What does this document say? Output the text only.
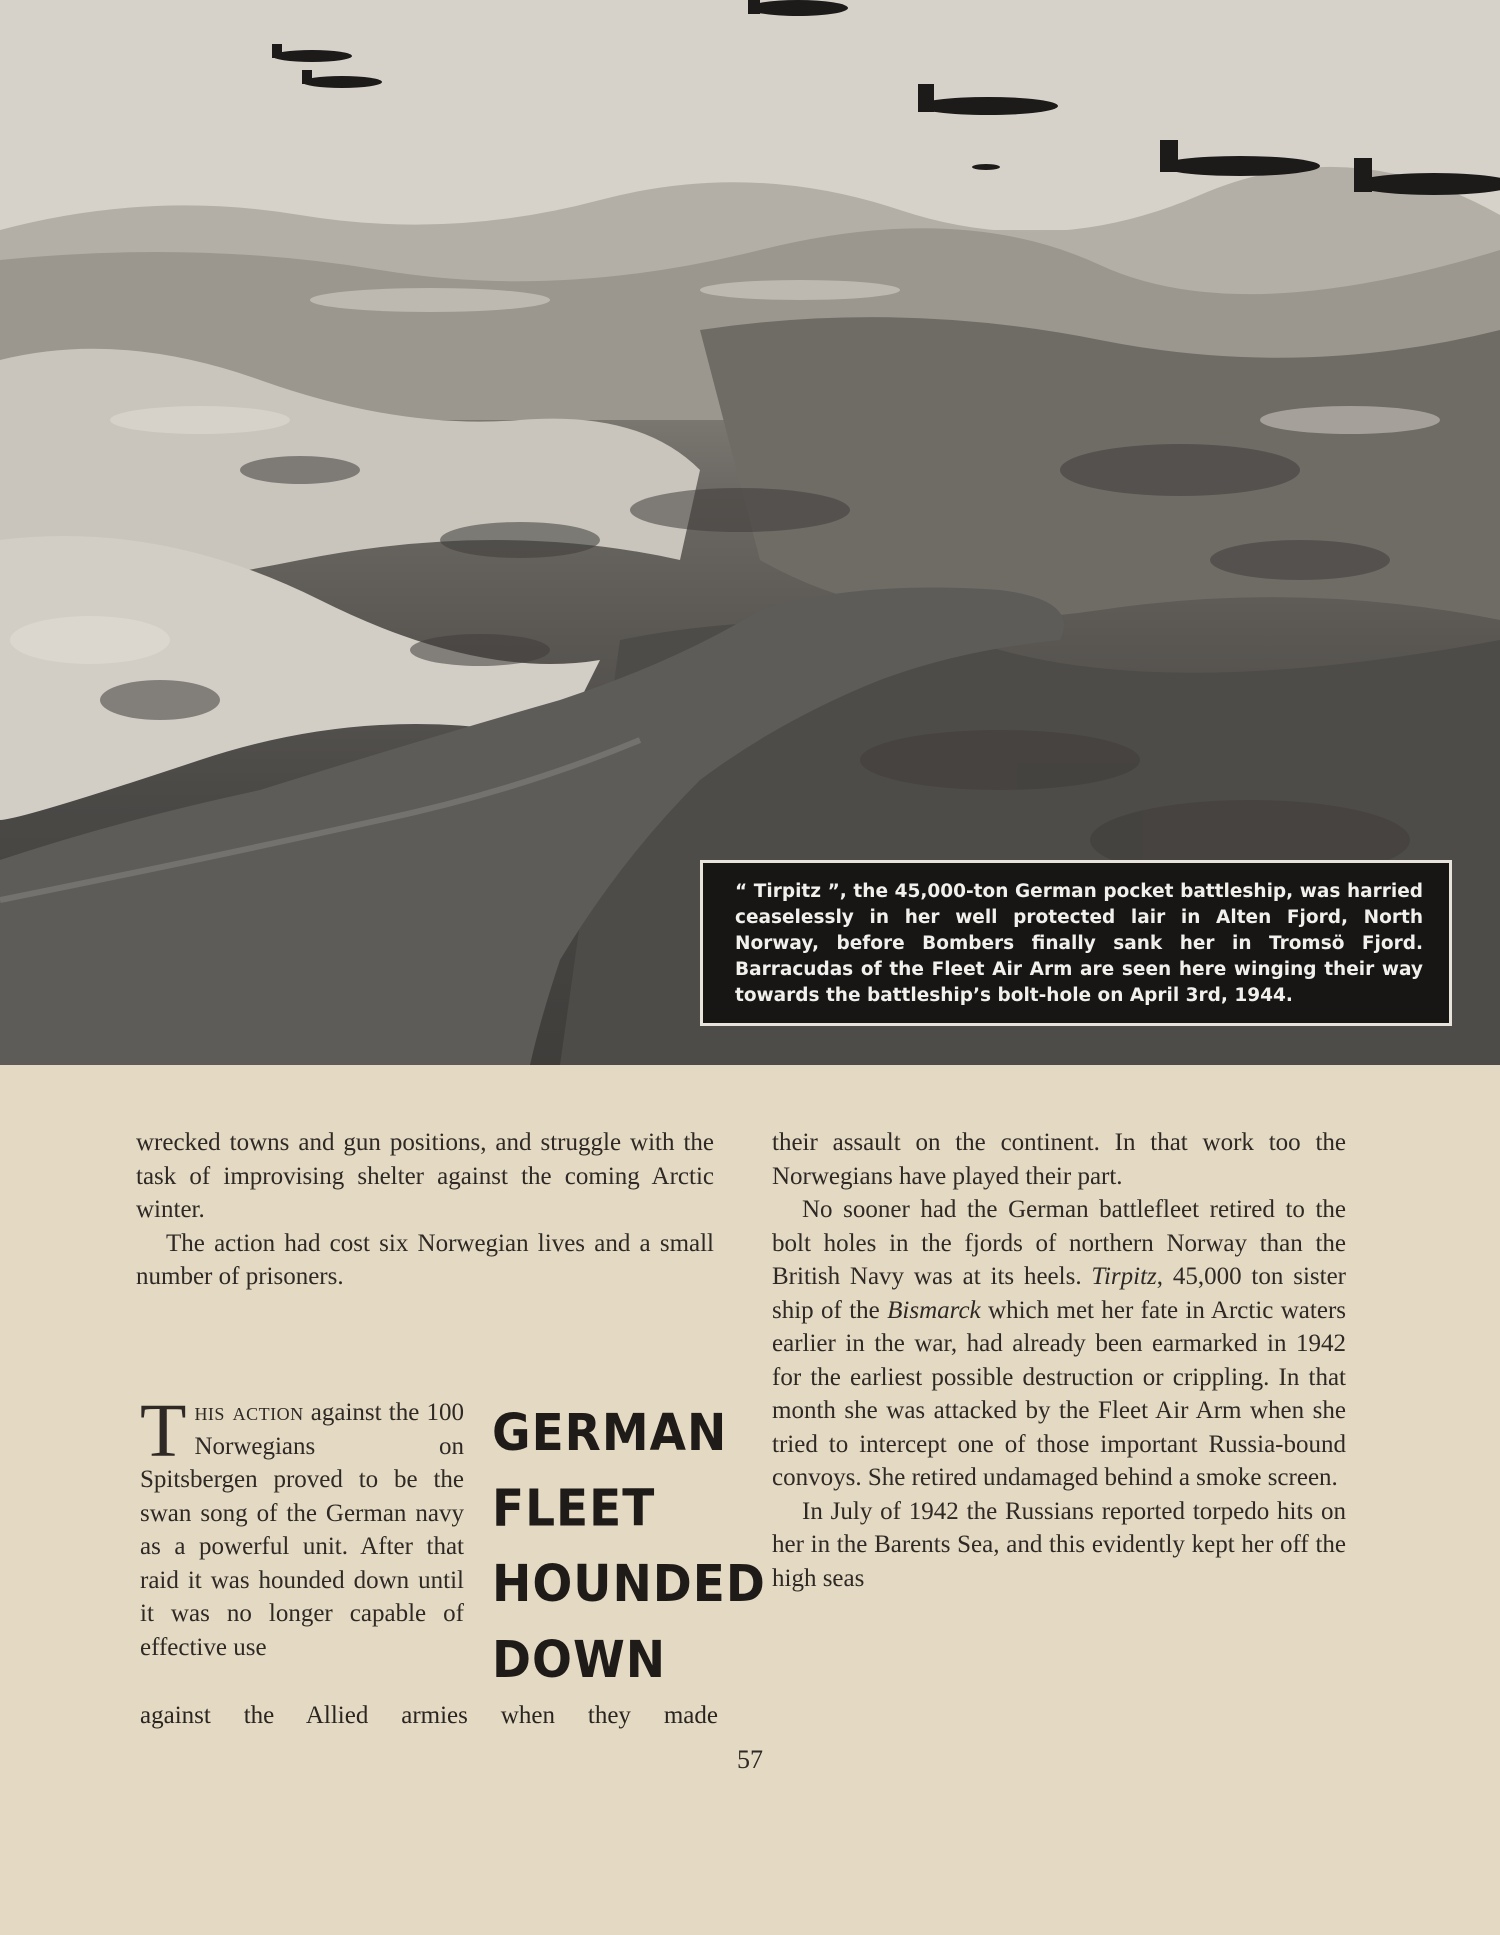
“ Tirpitz ”, the 45,000-ton German pocket battleship, was harried ceaselessly in her well protected lair in Alten Fjord, North Norway, before Bombers finally sank her in Tromsö Fjord. Barracudas of the Fleet Air Arm are seen here winging their way towards the battleship’s bolt-hole on April 3rd, 1944.

wrecked towns and gun positions, and struggle with the task of improvising shelter against the coming Arctic winter.

The action had cost six Norwegian lives and a small number of prisoners.

This action against the 100 Norwegians on Spitsbergen proved to be the swan song of the German navy as a powerful unit. After that raid it was hounded down until it was no longer capable of effective use

against the Allied armies when they made
GERMAN
FLEET
HOUNDED
DOWN

their assault on the continent. In that work too the Norwegians have played their part.

No sooner had the German battlefleet retired to the bolt holes in the fjords of northern Norway than the British Navy was at its heels. Tirpitz, 45,000 ton sister ship of the Bismarck which met her fate in Arctic waters earlier in the war, had already been earmarked in 1942 for the earliest possible destruction or crippling. In that month she was attacked by the Fleet Air Arm when she tried to intercept one of those important Russia-bound convoys. She retired undamaged behind a smoke screen.

In July of 1942 the Russians reported torpedo hits on her in the Barents Sea, and this evidently kept her off the high seas

57
